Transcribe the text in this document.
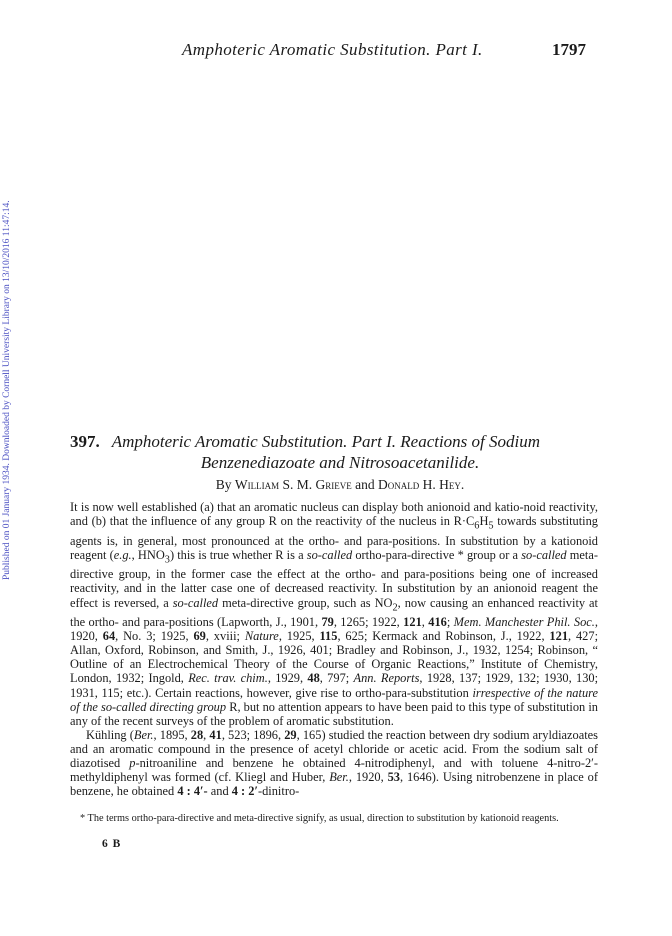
Published on 01 January 1934. Downloaded by Cornell University Library on 13/10/2016 11:47:14.
Amphoteric Aromatic Substitution. Part I.	1797
397. Amphoteric Aromatic Substitution. Part I. Reactions of Sodium
Benzenediazoate and Nitrosoacetanilide.
By William S. M. Grieve and Donald H. Hey.

It is now well established (a) that an aromatic nucleus can display both anionoid and katio-noid reactivity, and (b) that the influence of any group R on the reactivity of the nucleus in $R\cdot C_6H_5$ towards substituting agents is, in general, most pronounced at the ortho- and para-positions. In substitution by a kationoid reagent (e.g., $HNO_3$) this is true whether R is a so-called ortho-para-directive * group or a so-called meta-directive group, in the former case the effect at the ortho- and para-positions being one of increased reactivity, and in the latter case one of decreased reactivity. In substitution by an anionoid reagent the effect is reversed, a so-called meta-directive group, such as $NO_2$, now causing an enhanced reactivity at the ortho- and para-positions (Lapworth, J., 1901, 79, 1265; 1922, 121, 416; Mem. Manchester Phil. Soc., 1920, 64, No. 3; 1925, 69, xviii; Nature, 1925, 115, 625; Kermack and Robinson, J., 1922, 121, 427; Allan, Oxford, Robinson, and Smith, J., 1926, 401; Bradley and Robinson, J., 1932, 1254; Robinson, “ Outline of an Electrochemical Theory of the Course of Organic Reactions,” Institute of Chemistry, London, 1932; Ingold, Rec. trav. chim., 1929, 48, 797; Ann. Reports, 1928, 137; 1929, 132; 1930, 130; 1931, 115; etc.). Certain reactions, however, give rise to ortho-para-substitution irrespective of the nature of the so-called directing group R, but no attention appears to have been paid to this type of substitution in any of the recent surveys of the problem of aromatic substitution.

Kühling (Ber., 1895, 28, 41, 523; 1896, 29, 165) studied the reaction between dry sodium aryldiazoates and an aromatic compound in the presence of acetyl chloride or acetic acid. From the sodium salt of diazotised p-nitroaniline and benzene he obtained 4-nitrodiphenyl, and with toluene 4-nitro-2′-methyldiphenyl was formed (cf. Kliegl and Huber, Ber., 1920, 53, 1646). Using nitrobenzene in place of benzene, he obtained 4 : 4′- and 4 : 2′-dinitro-

* The terms ortho-para-directive and meta-directive signify, as usual, direction to substitution by kationoid reagents.
6 B
